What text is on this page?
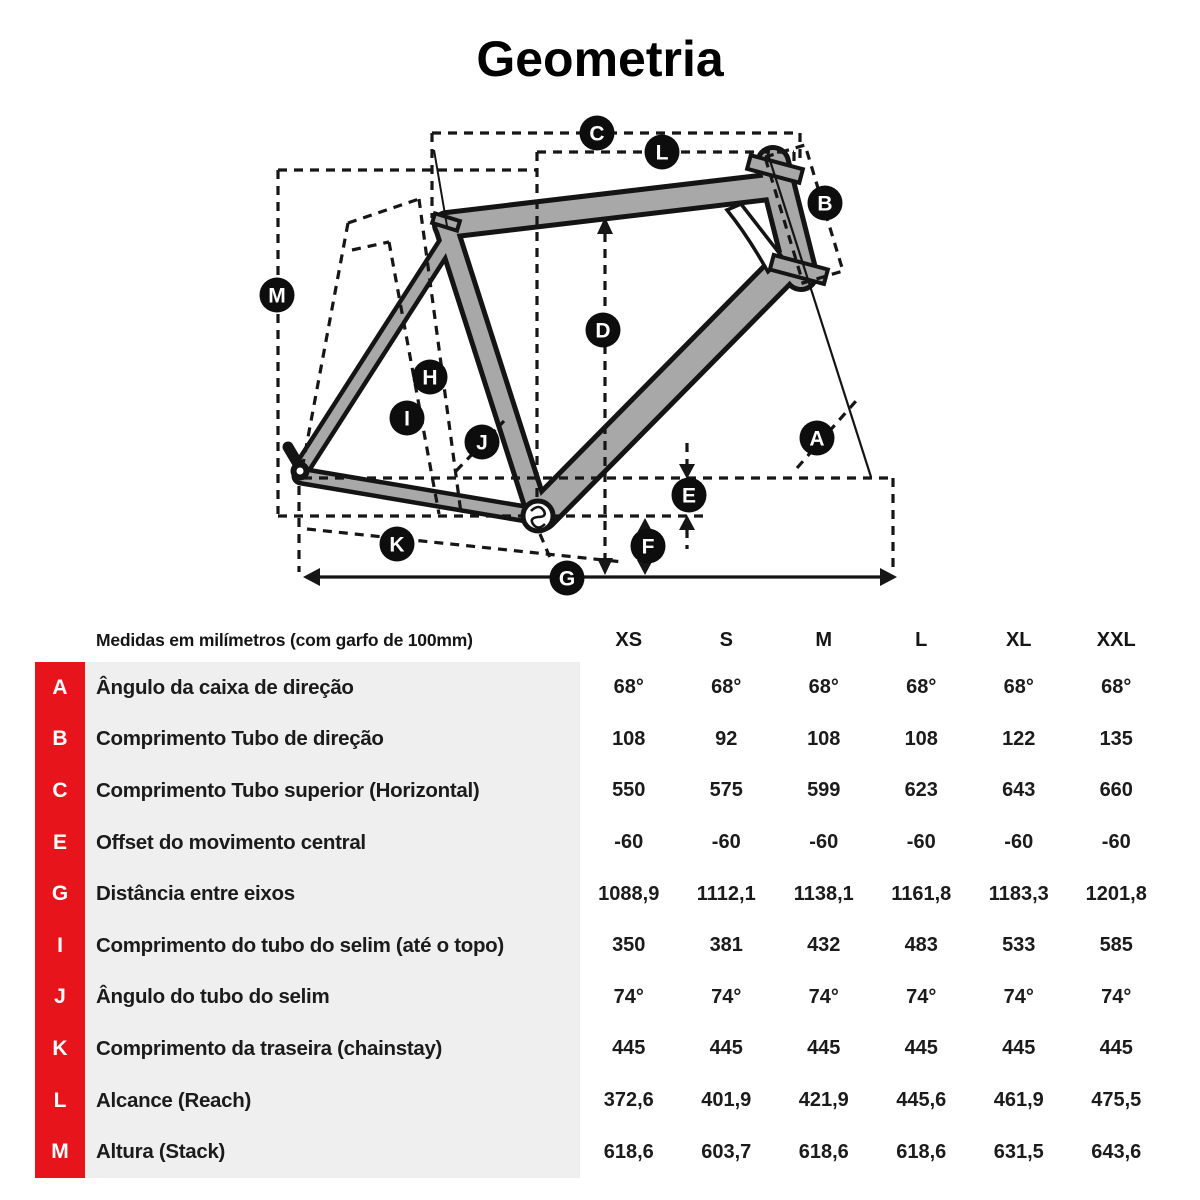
Geometria
A
B
C
D
E
F
G
H
I
J
K
L
M
Medidas em milímetros (com garfo de 100mm)	XS	S	M	L	XL	XXL
A	Ângulo da caixa de direção	68°	68°	68°	68°	68°	68°
B	Comprimento Tubo de direção	108	92	108	108	122	135
C	Comprimento Tubo superior (Horizontal)	550	575	599	623	643	660
E	Offset do movimento central	-60	-60	-60	-60	-60	-60
G	Distância entre eixos	1088,9	1112,1	1138,1	1161,8	1183,3	1201,8
I	Comprimento do tubo do selim (até o topo)	350	381	432	483	533	585
J	Ângulo do tubo do selim	74°	74°	74°	74°	74°	74°
K	Comprimento da traseira (chainstay)	445	445	445	445	445	445
L	Alcance (Reach)	372,6	401,9	421,9	445,6	461,9	475,5
M	Altura (Stack)	618,6	603,7	618,6	618,6	631,5	643,6
